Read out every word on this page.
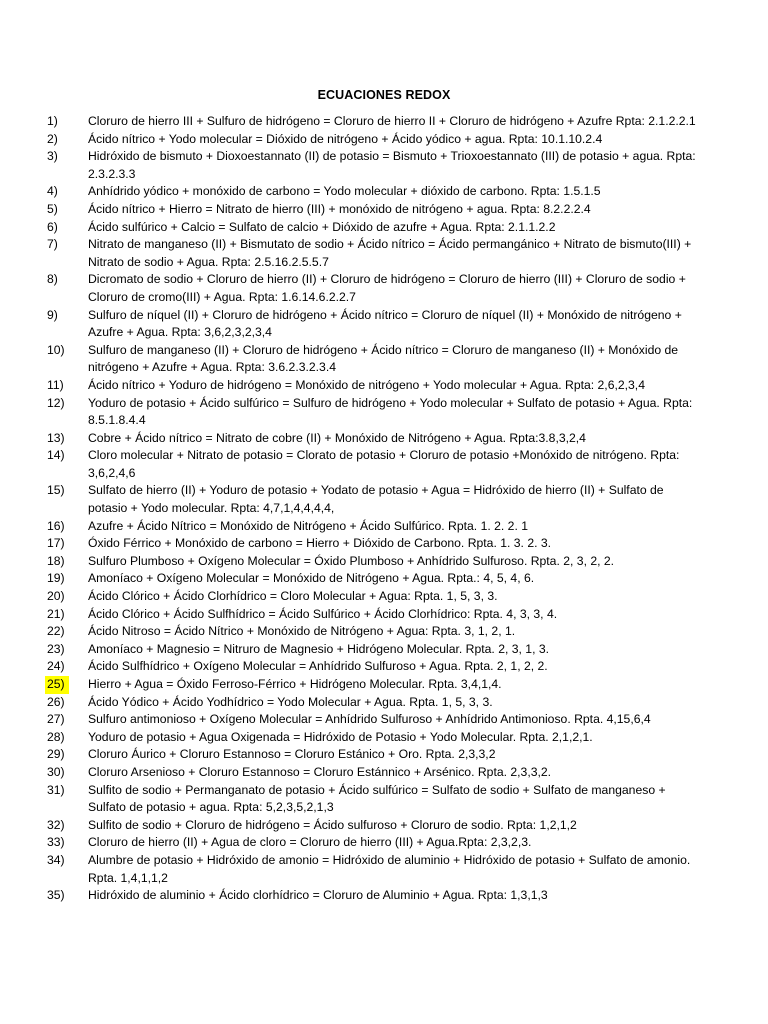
ECUACIONES REDOX
1) Cloruro de hierro III + Sulfuro de hidrógeno = Cloruro de hierro II + Cloruro de hidrógeno + Azufre Rpta: 2.1.2.2.1
2) Ácido nítrico + Yodo molecular = Dióxido de nitrógeno + Ácido yódico + agua. Rpta: 10.1.10.2.4
3) Hidróxido de bismuto + Dioxoestannato (II) de potasio = Bismuto + Trioxoestannato (III) de potasio + agua. Rpta: 2.3.2.3.3
4) Anhídrido yódico + monóxido de carbono = Yodo molecular + dióxido de carbono. Rpta: 1.5.1.5
5) Ácido nítrico + Hierro = Nitrato de hierro (III) + monóxido de nitrógeno + agua. Rpta: 8.2.2.2.4
6) Ácido sulfúrico + Calcio = Sulfato de calcio + Dióxido de azufre + Agua. Rpta: 2.1.1.2.2
7) Nitrato de manganeso (II) + Bismutato de sodio + Ácido nítrico = Ácido permangánico + Nitrato de bismuto(III) + Nitrato de sodio + Agua. Rpta: 2.5.16.2.5.5.7
8) Dicromato de sodio + Cloruro de hierro (II) + Cloruro de hidrógeno = Cloruro de hierro (III) + Cloruro de sodio + Cloruro de cromo(III) + Agua. Rpta: 1.6.14.6.2.2.7
9) Sulfuro de níquel (II) + Cloruro de hidrógeno + Ácido nítrico = Cloruro de níquel (II) + Monóxido de nitrógeno + Azufre + Agua. Rpta: 3,6,2,3,2,3,4
10) Sulfuro de manganeso (II) + Cloruro de hidrógeno + Ácido nítrico = Cloruro de manganeso (II) + Monóxido de nitrógeno + Azufre + Agua. Rpta: 3.6.2.3.2.3.4
11) Ácido nítrico + Yoduro de hidrógeno = Monóxido de nitrógeno + Yodo molecular + Agua. Rpta: 2,6,2,3,4
12) Yoduro de potasio + Ácido sulfúrico = Sulfuro de hidrógeno + Yodo molecular + Sulfato de potasio + Agua. Rpta: 8.5.1.8.4.4
13) Cobre + Ácido nítrico = Nitrato de cobre (II) + Monóxido de Nitrógeno + Agua. Rpta:3.8,3,2,4
14) Cloro molecular + Nitrato de potasio = Clorato de potasio + Cloruro de potasio +Monóxido de nitrógeno. Rpta: 3,6,2,4,6
15) Sulfato de hierro (II) + Yoduro de potasio + Yodato de potasio + Agua = Hidróxido de hierro (II) + Sulfato de potasio + Yodo molecular. Rpta: 4,7,1,4,4,4,4,
16) Azufre + Ácido Nítrico = Monóxido de Nitrógeno + Ácido Sulfúrico. Rpta. 1. 2. 2. 1
17) Óxido Férrico + Monóxido de carbono = Hierro + Dióxido de Carbono. Rpta. 1. 3. 2. 3.
18) Sulfuro Plumboso + Oxígeno Molecular = Óxido Plumboso + Anhídrido Sulfuroso. Rpta. 2, 3, 2, 2.
19) Amoníaco + Oxígeno Molecular = Monóxido de Nitrógeno + Agua. Rpta.: 4, 5, 4, 6.
20) Ácido Clórico + Ácido Clorhídrico = Cloro Molecular + Agua: Rpta. 1, 5, 3, 3.
21) Ácido Clórico + Ácido Sulfhídrico = Ácido Sulfúrico + Ácido Clorhídrico: Rpta. 4, 3, 3, 4.
22) Ácido Nitroso = Ácido Nítrico + Monóxido de Nitrógeno + Agua: Rpta. 3, 1, 2, 1.
23) Amoníaco + Magnesio = Nitruro de Magnesio + Hidrógeno Molecular. Rpta. 2, 3, 1, 3.
24) Ácido Sulfhídrico + Oxígeno Molecular = Anhídrido Sulfuroso + Agua. Rpta. 2, 1, 2, 2.
25)	Hierro + Agua = Óxido Ferroso-Férrico + Hidrógeno Molecular. Rpta. 3,4,1,4.
26) Ácido Yódico + Ácido Yodhídrico = Yodo Molecular + Agua. Rpta. 1, 5, 3, 3.
27) Sulfuro antimonioso + Oxígeno Molecular = Anhídrido Sulfuroso + Anhídrido Antimonioso. Rpta. 4,15,6,4
28) Yoduro de potasio + Agua Oxigenada = Hidróxido de Potasio + Yodo Molecular. Rpta. 2,1,2,1.
29) Cloruro Áurico + Cloruro Estannoso = Cloruro Estánico + Oro. Rpta. 2,3,3,2
30) Cloruro Arsenioso + Cloruro Estannoso = Cloruro Estánnico + Arsénico. Rpta. 2,3,3,2.
31) Sulfito de sodio + Permanganato de potasio + Ácido sulfúrico = Sulfato de sodio + Sulfato de manganeso + Sulfato de potasio + agua. Rpta: 5,2,3,5,2,1,3
32) Sulfito de sodio + Cloruro de hidrógeno = Ácido sulfuroso + Cloruro de sodio. Rpta: 1,2,1,2
33) Cloruro de hierro (II) + Agua de cloro = Cloruro de hierro (III) + Agua.Rpta: 2,3,2,3.
34) Alumbre de potasio + Hidróxido de amonio = Hidróxido de aluminio + Hidróxido de potasio + Sulfato de amonio. Rpta. 1,4,1,1,2
35) Hidróxido de aluminio + Ácido clorhídrico = Cloruro de Aluminio + Agua. Rpta: 1,3,1,3
